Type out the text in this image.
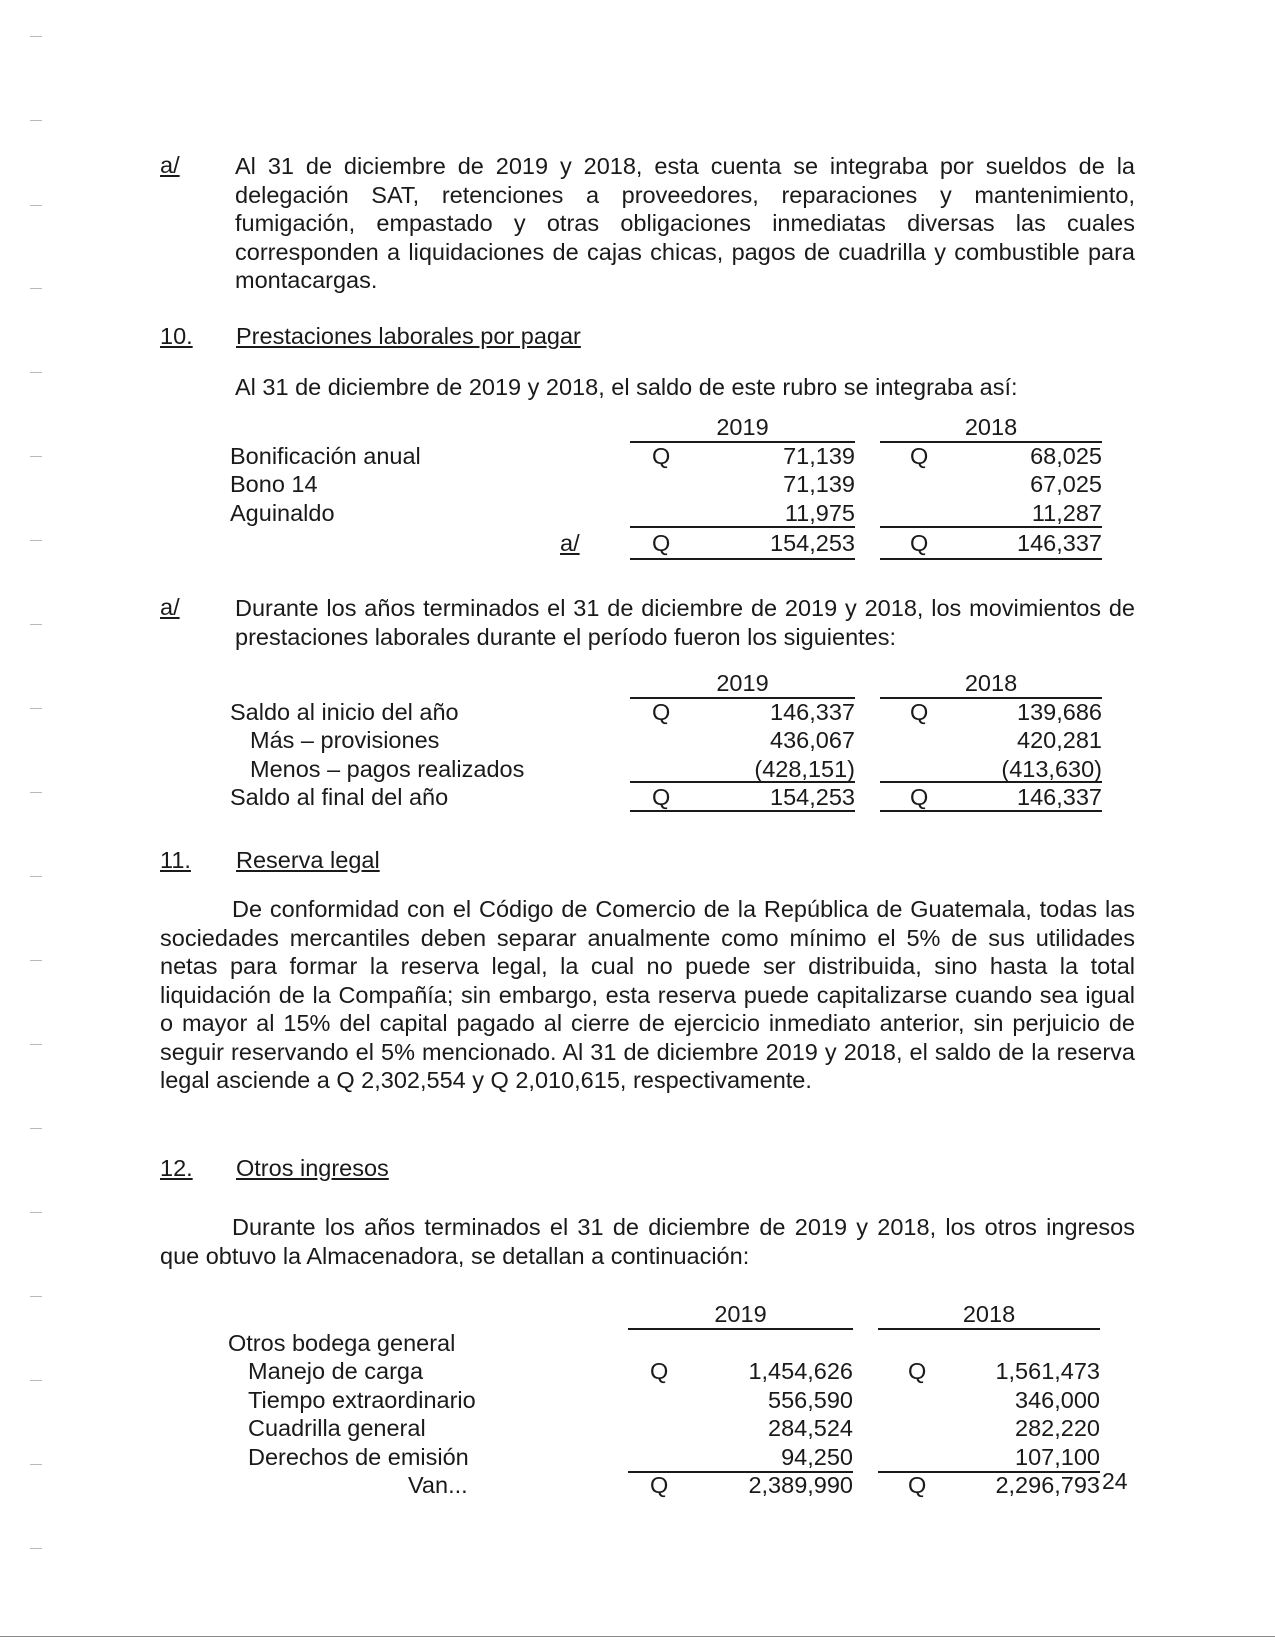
a/ Al 31 de diciembre de 2019 y 2018, esta cuenta se integraba por sueldos de la delegación SAT, retenciones a proveedores, reparaciones y mantenimiento, fumigación, empastado y otras obligaciones inmediatas diversas las cuales corresponden a liquidaciones de cajas chicas, pagos de cuadrilla y combustible para montacargas.
10. Prestaciones laborales por pagar
Al 31 de diciembre de 2019 y 2018, el saldo de este rubro se integraba así:
2019	2018
Bonificación anual	Q	71,139 Q	68,025
Bono 14	71,139	67,025
Aguinaldo	11,975	11,287
a/	Q	154,253 Q	146,337
a/ Durante los años terminados el 31 de diciembre de 2019 y 2018, los movimientos de prestaciones laborales durante el período fueron los siguientes:
2019	2018
Saldo al inicio del año	Q	146,337 Q	139,686
Más – provisiones	436,067	420,281
Menos – pagos realizados	(428,151)	(413,630)
Saldo al final del año	Q	154,253 Q	146,337
11. Reserva legal
De conformidad con el Código de Comercio de la República de Guatemala, todas las sociedades mercantiles deben separar anualmente como mínimo el 5% de sus utilidades netas para formar la reserva legal, la cual no puede ser distribuida, sino hasta la total liquidación de la Compañía; sin embargo, esta reserva puede capitalizarse cuando sea igual o mayor al 15% del capital pagado al cierre de ejercicio inmediato anterior, sin perjuicio de seguir reservando el 5% mencionado. Al 31 de diciembre 2019 y 2018, el saldo de la reserva legal asciende a Q 2,302,554 y Q 2,010,615, respectivamente.
12. Otros ingresos
Durante los años terminados el 31 de diciembre de 2019 y 2018, los otros ingresos que obtuvo la Almacenadora, se detallan a continuación:
2019	2018
Otros bodega general
Manejo de carga	Q	1,454,626 Q	1,561,473
Tiempo extraordinario	556,590	346,000
Cuadrilla general	284,524	282,220
Derechos de emisión	94,250	107,100
Van...	Q	2,389,990 Q	2,296,793 24
